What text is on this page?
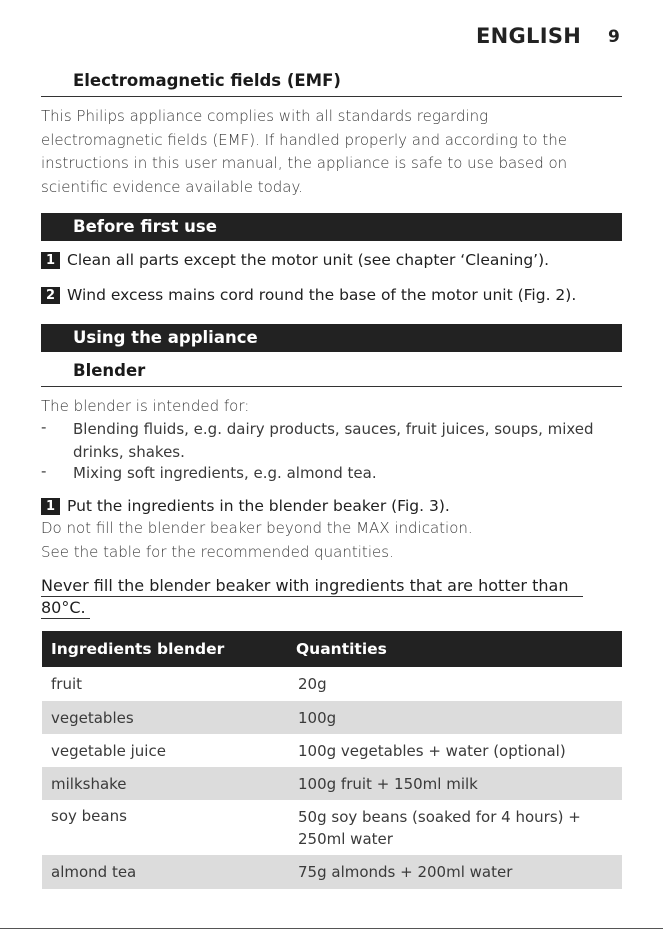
ENGLISH 9
Electromagnetic fields (EMF)
This Philips appliance complies with all standards regarding
electromagnetic fields (EMF). If handled properly and according to the
instructions in this user manual, the appliance is safe to use based on
scientific evidence available today.
Before first use
1 Clean all parts except the motor unit (see chapter ‘Cleaning’).
2 Wind excess mains cord round the base of the motor unit (Fig. 2).
Using the appliance
Blender
The blender is intended for:
- Blending fluids, e.g. dairy products, sauces, fruit juices, soups, mixed
drinks, shakes.
- Mixing soft ingredients, e.g. almond tea.
1 Put the ingredients in the blender beaker (Fig. 3).
Do not fill the blender beaker beyond the MAX indication.
See the table for the recommended quantities.
Never fill the blender beaker with ingredients that are hotter than
80°C.
Ingredients blender	Quantities
fruit	20g

vegetables	100g

vegetable juice	100g vegetables + water (optional)

milkshake	100g fruit + 150ml milk

soy beans	50g soy beans (soaked for 4 hours) +
250ml water

almond tea	75g almonds + 200ml water
